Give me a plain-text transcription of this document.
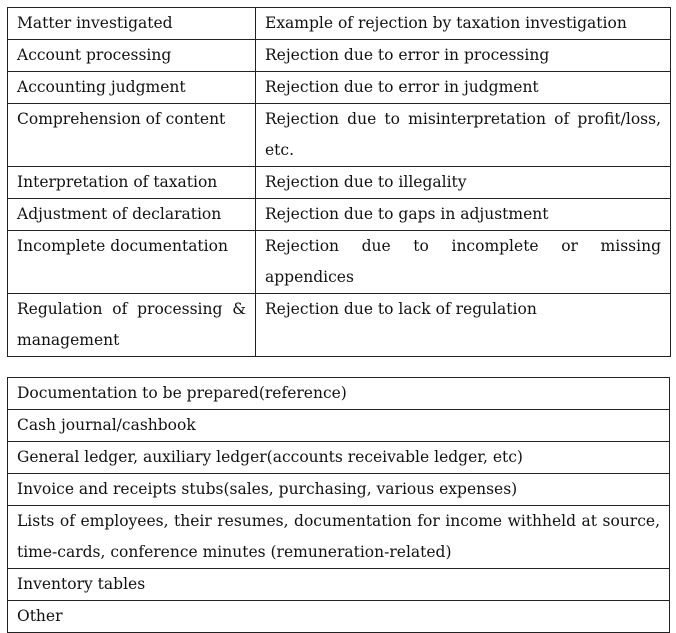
Matter investigated	Example of rejection by taxation investigation
Account processing	Rejection due to error in processing
Accounting judgment	Rejection due to error in judgment
Comprehension of content	Rejection due to misinterpretation of profit/loss, etc.
Interpretation of taxation	Rejection due to illegality
Adjustment of declaration	Rejection due to gaps in adjustment
Incomplete documentation	Rejection due to incomplete or missing appendices
Regulation of processing & management	Rejection due to lack of regulation
Documentation to be prepared(reference)
Cash journal/cashbook
General ledger, auxiliary ledger(accounts receivable ledger, etc)
Invoice and receipts stubs(sales, purchasing, various expenses)
Lists of employees, their resumes, documentation for income withheld at source, time-cards, conference minutes (remuneration-related)
Inventory tables
Other
